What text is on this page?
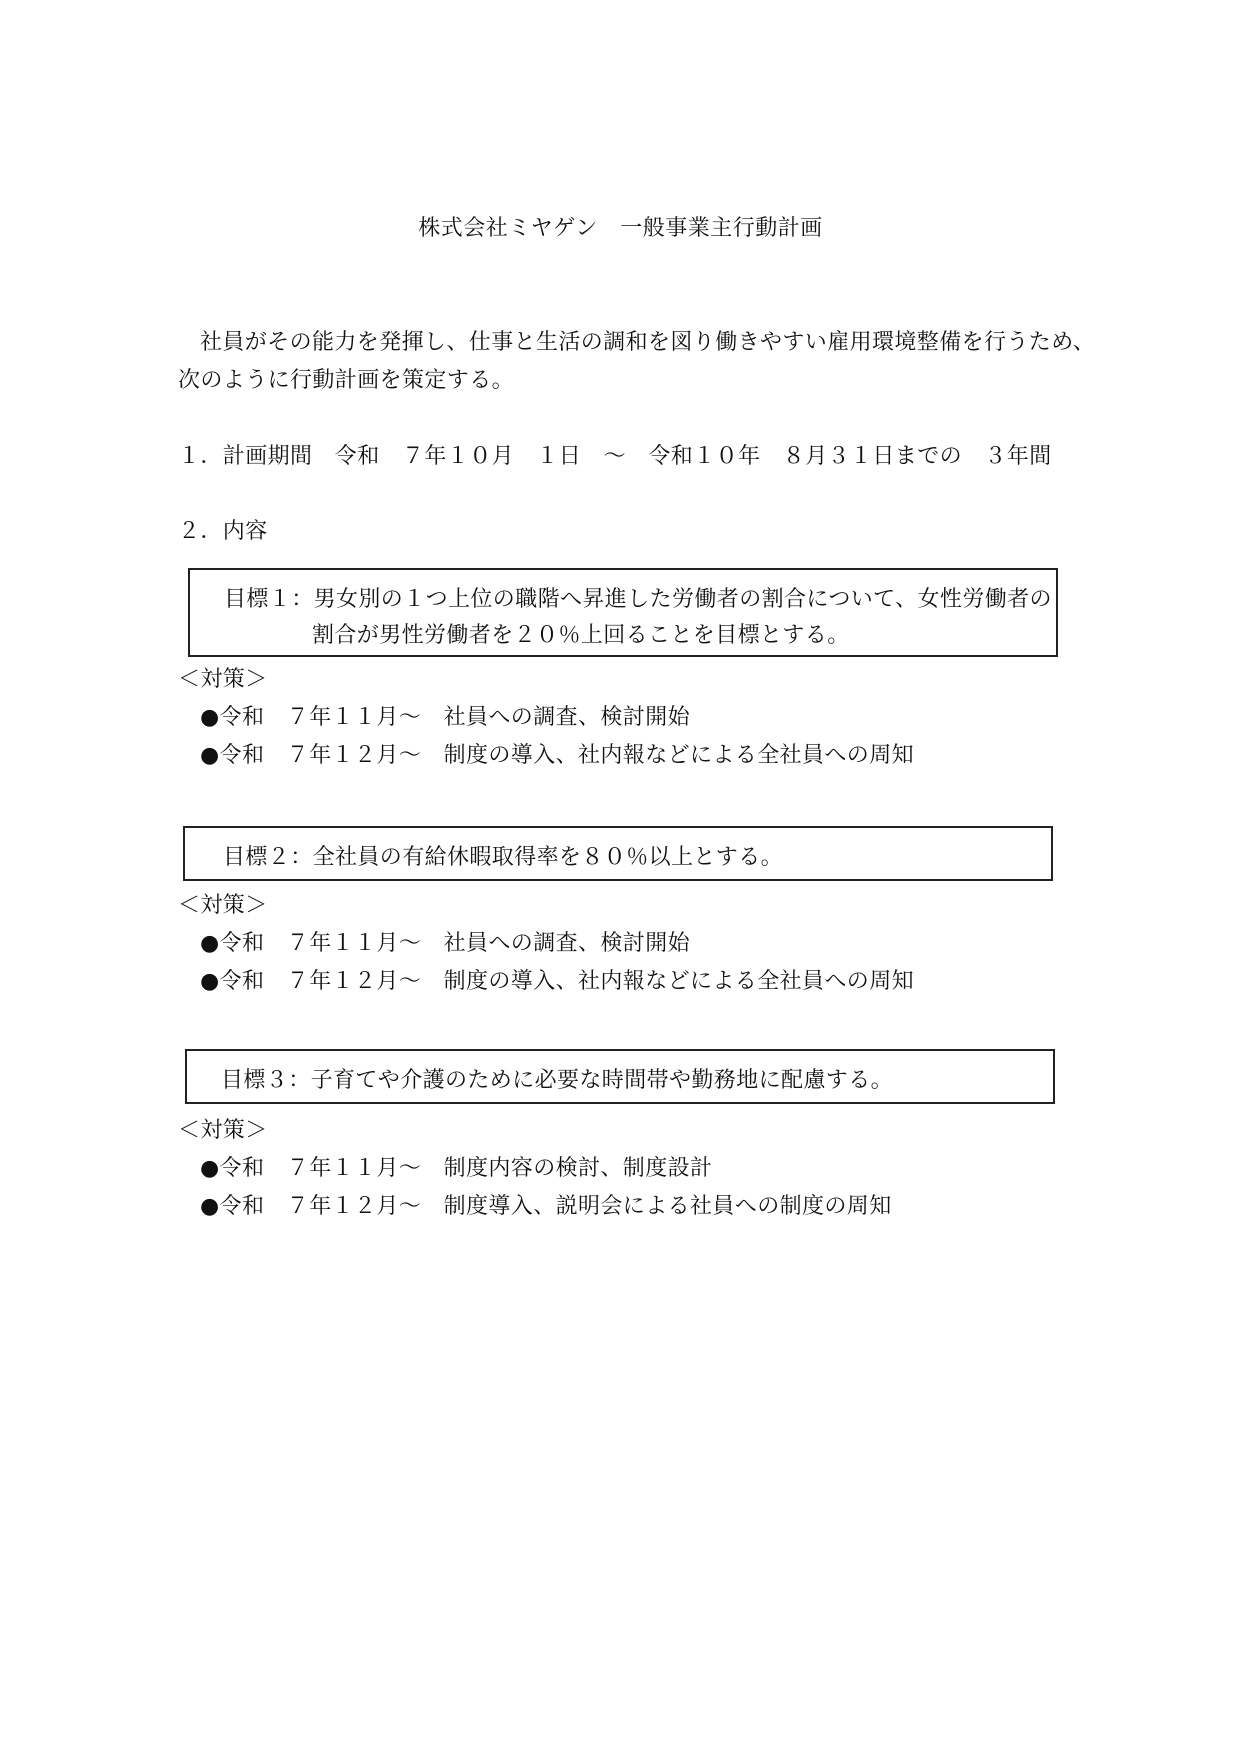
株式会社ミヤゲン　一般事業主行動計画
社員がその能力を発揮し、仕事と生活の調和を図り働きやすい雇用環境整備を行うため、
次のように行動計画を策定する。
１．計画期間　令和　７年１０月　１日　～　令和１０年　８月３１日までの　３年間
２．内容
目標１：男女別の１つ上位の職階へ昇進した労働者の割合について、女性労働者の
割合が男性労働者を２０％上回ることを目標とする。
＜対策＞
●令和　７年１１月～　社員への調査、検討開始
●令和　７年１２月～　制度の導入、社内報などによる全社員への周知
目標２：全社員の有給休暇取得率を８０％以上とする。
＜対策＞
●令和　７年１１月～　社員への調査、検討開始
●令和　７年１２月～　制度の導入、社内報などによる全社員への周知
目標３：子育てや介護のために必要な時間帯や勤務地に配慮する。
＜対策＞
●令和　７年１１月～　制度内容の検討、制度設計
●令和　７年１２月～　制度導入、説明会による社員への制度の周知
